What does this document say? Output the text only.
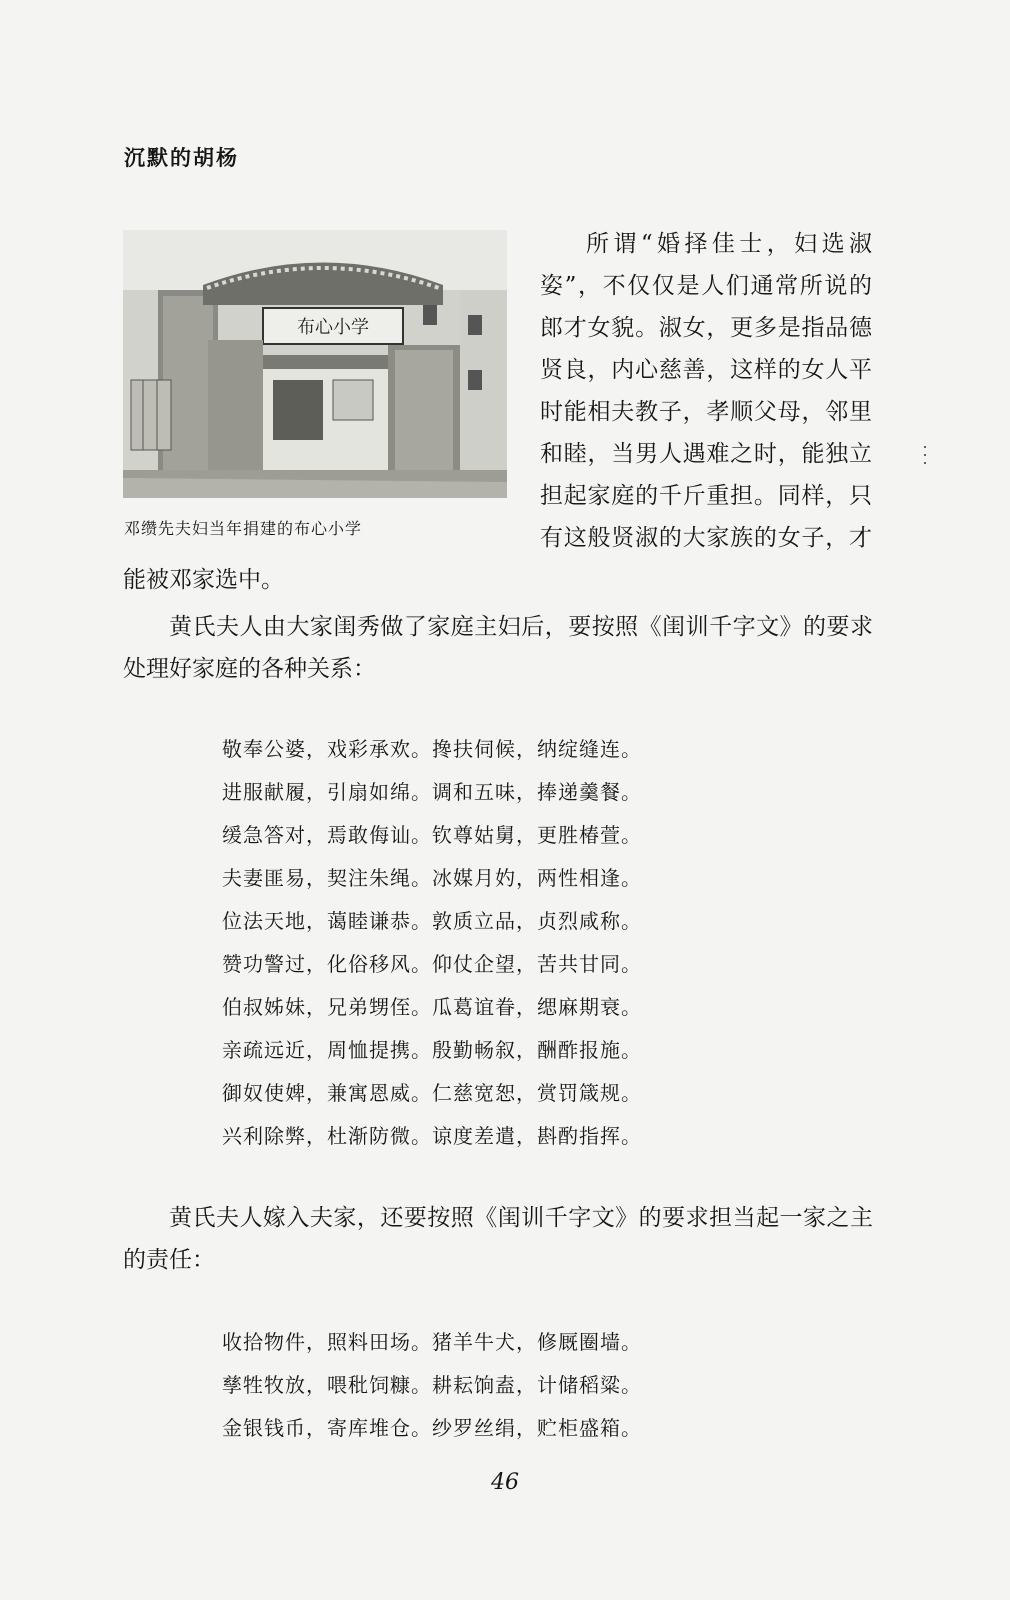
沉默的胡杨
布心小学
邓缵先夫妇当年捐建的布心小学
所谓“婚择佳士，妇选淑
姿”，不仅仅是人们通常所说的
郎才女貌。淑女，更多是指品德
贤良，内心慈善，这样的女人平
时能相夫教子，孝顺父母，邻里
和睦，当男人遇难之时，能独立
担起家庭的千斤重担。同样，只
有这般贤淑的大家族的女子，才
能被邓家选中。
黄氏夫人由大家闺秀做了家庭主妇后，要按照《闺训千字文》的要求处理好家庭的各种关系：
敬奉公婆，戏彩承欢。搀扶伺候，纳绽缝连。
进服献履，引扇如绵。调和五味，捧递羹餐。
缓急答对，焉敢侮讪。钦尊姑舅，更胜椿萱。
夫妻匪易，契注朱绳。冰媒月妁，两性相逢。
位法天地，蔼睦谦恭。敦质立品，贞烈咸称。
赞功警过，化俗移风。仰仗企望，苦共甘同。
伯叔姊妹，兄弟甥侄。瓜葛谊眷，缌麻期衰。
亲疏远近，周恤提携。殷勤畅叙，酬酢报施。
御奴使婢，兼寓恩威。仁慈宽恕，赏罚箴规。
兴利除弊，杜渐防微。谅度差遣，斟酌指挥。
黄氏夫人嫁入夫家，还要按照《闺训千字文》的要求担当起一家之主的责任：
收拾物件，照料田场。猪羊牛犬，修厩圈墙。
孳牲牧放，喂秕饲糠。耕耘饷盍，计储稻粱。
金银钱币，寄库堆仓。纱罗丝绢，贮柜盛箱。
46
